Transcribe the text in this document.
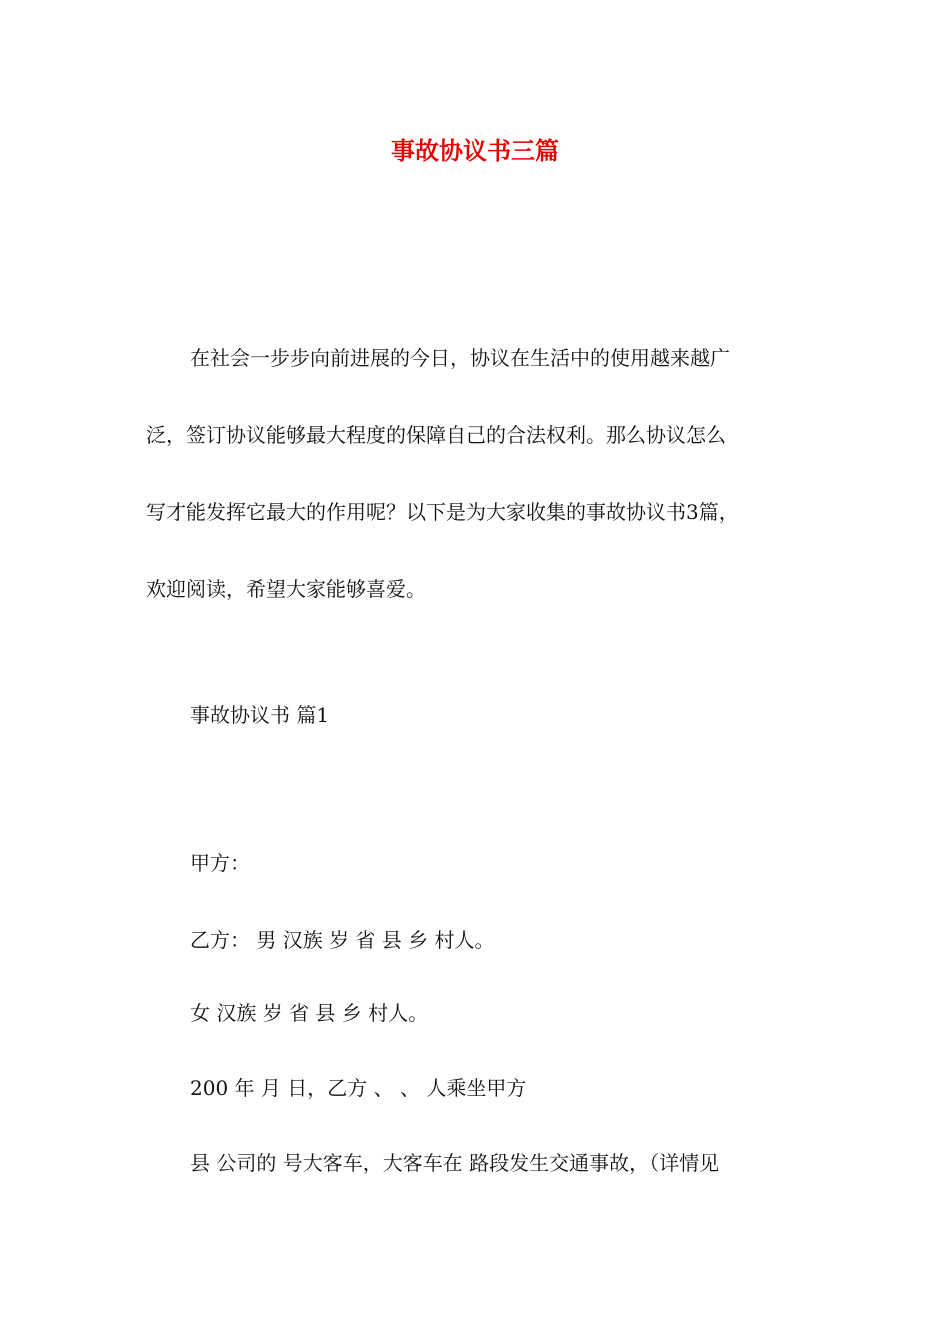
事故协议书三篇
在社会一步步向前进展的今日，协议在生活中的使用越来越广
泛，签订协议能够最大程度的保障自己的合法权利。那么协议怎么
写才能发挥它最大的作用呢？以下是为大家收集的事故协议书3篇，
欢迎阅读，希望大家能够喜爱。
事故协议书 篇1
甲方：
乙方： 男 汉族 岁 省 县 乡 村人。
女 汉族 岁 省 县 乡 村人。
200 年 月 日，乙方 、 、 人乘坐甲方
县 公司的 号大客车，大客车在 路段发生交通事故，（详情见
